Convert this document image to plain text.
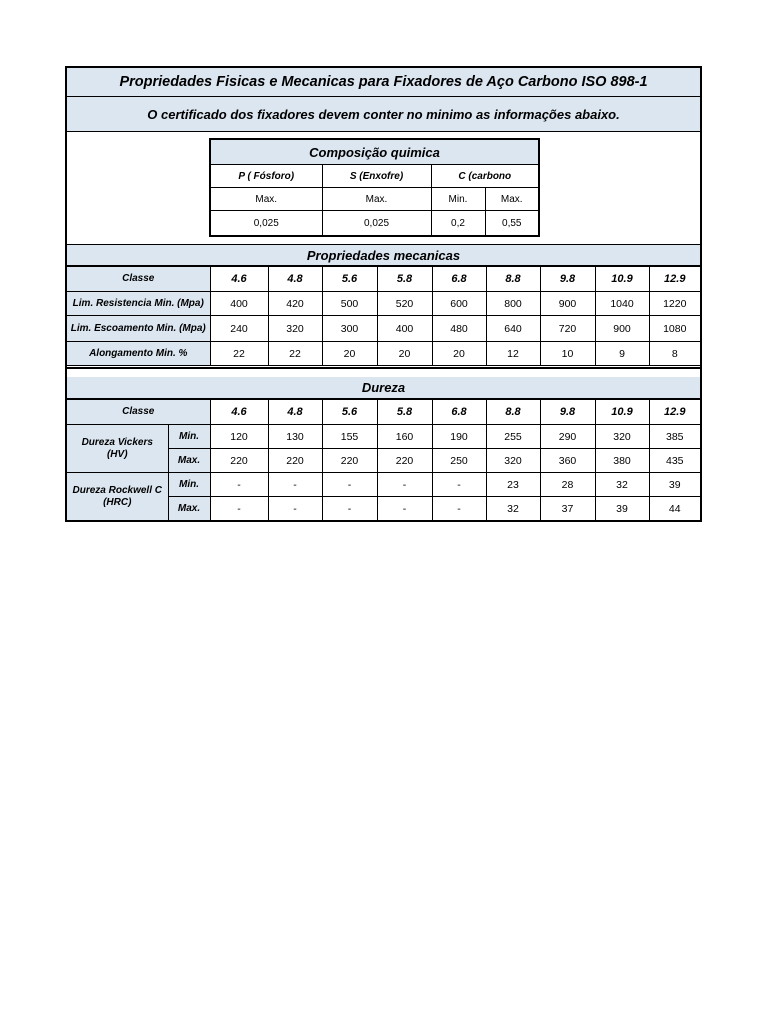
Propriedades Fisicas e Mecanicas para Fixadores de Aço Carbono ISO 898-1
O certificado dos fixadores devem conter no minimo as informações abaixo.
Composição quimica			
P ( Fósforo)	S (Enxofre)	C (carbono	
Max.	Max.	Min.	Max.
0,025	0,025	0,2	0,55
Propriedades mecanicas
Classe	4.6	4.8	5.6	5.8	6.8	8.8	9.8	10.9	12.9
Lim. Resistencia Min. (Mpa)	400	420	500	520	600	800	900	1040	1220
Lim. Escoamento Min. (Mpa)	240	320	300	400	480	640	720	900	1080
Alongamento Min. %	22	22	20	20	20	12	10	9	8
Dureza
Classe		4.6	4.8	5.6	5.8	6.8	8.8	9.8	10.9	12.9
Dureza Vickers (HV)	Min.	120	130	155	160	190	255	290	320	385
	Max.	220	220	220	220	250	320	360	380	435
Dureza Rockwell C (HRC)	Min.	-	-	-	-	-	23	28	32	39
	Max.	-	-	-	-	-	32	37	39	44
